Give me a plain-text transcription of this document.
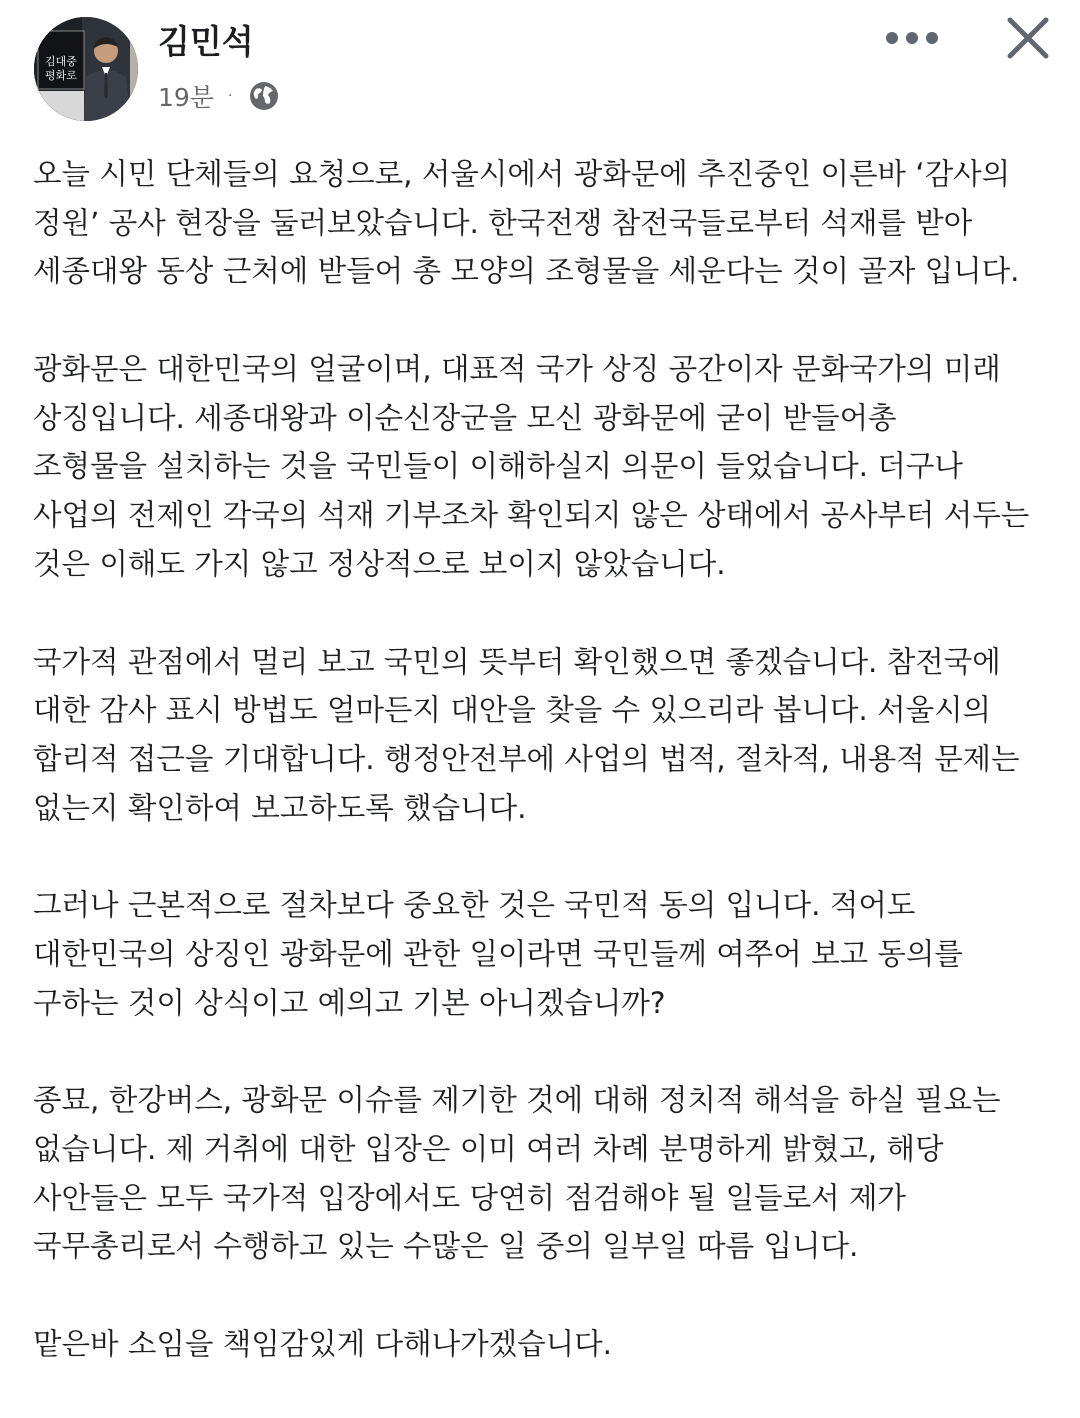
김대중
평화로
김민석
19분 ·
오늘 시민 단체들의 요청으로, 서울시에서 광화문에 추진중인 이른바 ‘감사의
정원’ 공사 현장을 둘러보았습니다. 한국전쟁 참전국들로부터 석재를 받아
세종대왕 동상 근처에 받들어 총 모양의 조형물을 세운다는 것이 골자 입니다.
광화문은 대한민국의 얼굴이며, 대표적 국가 상징 공간이자 문화국가의 미래
상징입니다. 세종대왕과 이순신장군을 모신 광화문에 굳이 받들어￼총
조형물을 설치하는 것을 국민들이 이해하실지 의문이 들었습니다. 더구나
사업의 전제인 각국의 석재 기부조차 확인되지 않은 상태에서 공사부터 서두는
것은 이해도 가지 않고 정상적으로 보이지 않았습니다.
국가적 관점에서 멀리 보고 국민의 뜻부터 확인했으면 좋겠습니다. 참전국에
대한 감사 표시 방법도 얼마든지 대안을 찾을 수 있으리라 봅니다. 서울시의
합리적 접근을 기대합니다. 행정안전부에 사업의 법적, 절차적, 내용적 문제는
없는지 확인하여 보고하도록 했습니다.
그러나 근본적으로 절차보다 중요한 것은 국민적 동의 입니다. 적어도
대한민국의 상징인 광화문에 관한 일이라면 국민들께 여쭈어 보고 동의를
구하는 것이 상식이고 예의고 기본 아니겠습니까?
종묘, 한강버스, 광화문 이슈를 제기한 것에 대해 정치적 해석을 하실 필요는
없습니다. 제 거취에 대한 입장은 이미 여러 차례 분명하게 밝혔고, 해당
사안들은 모두 국가적 입장에서도 당연히 점검해야 될 일들로서 제가
국무총리로서 수행하고 있는 수많은 일 중의 일부일 따름 입니다.
맡은바 소임을 책임감있게 다해나가겠습니다.
